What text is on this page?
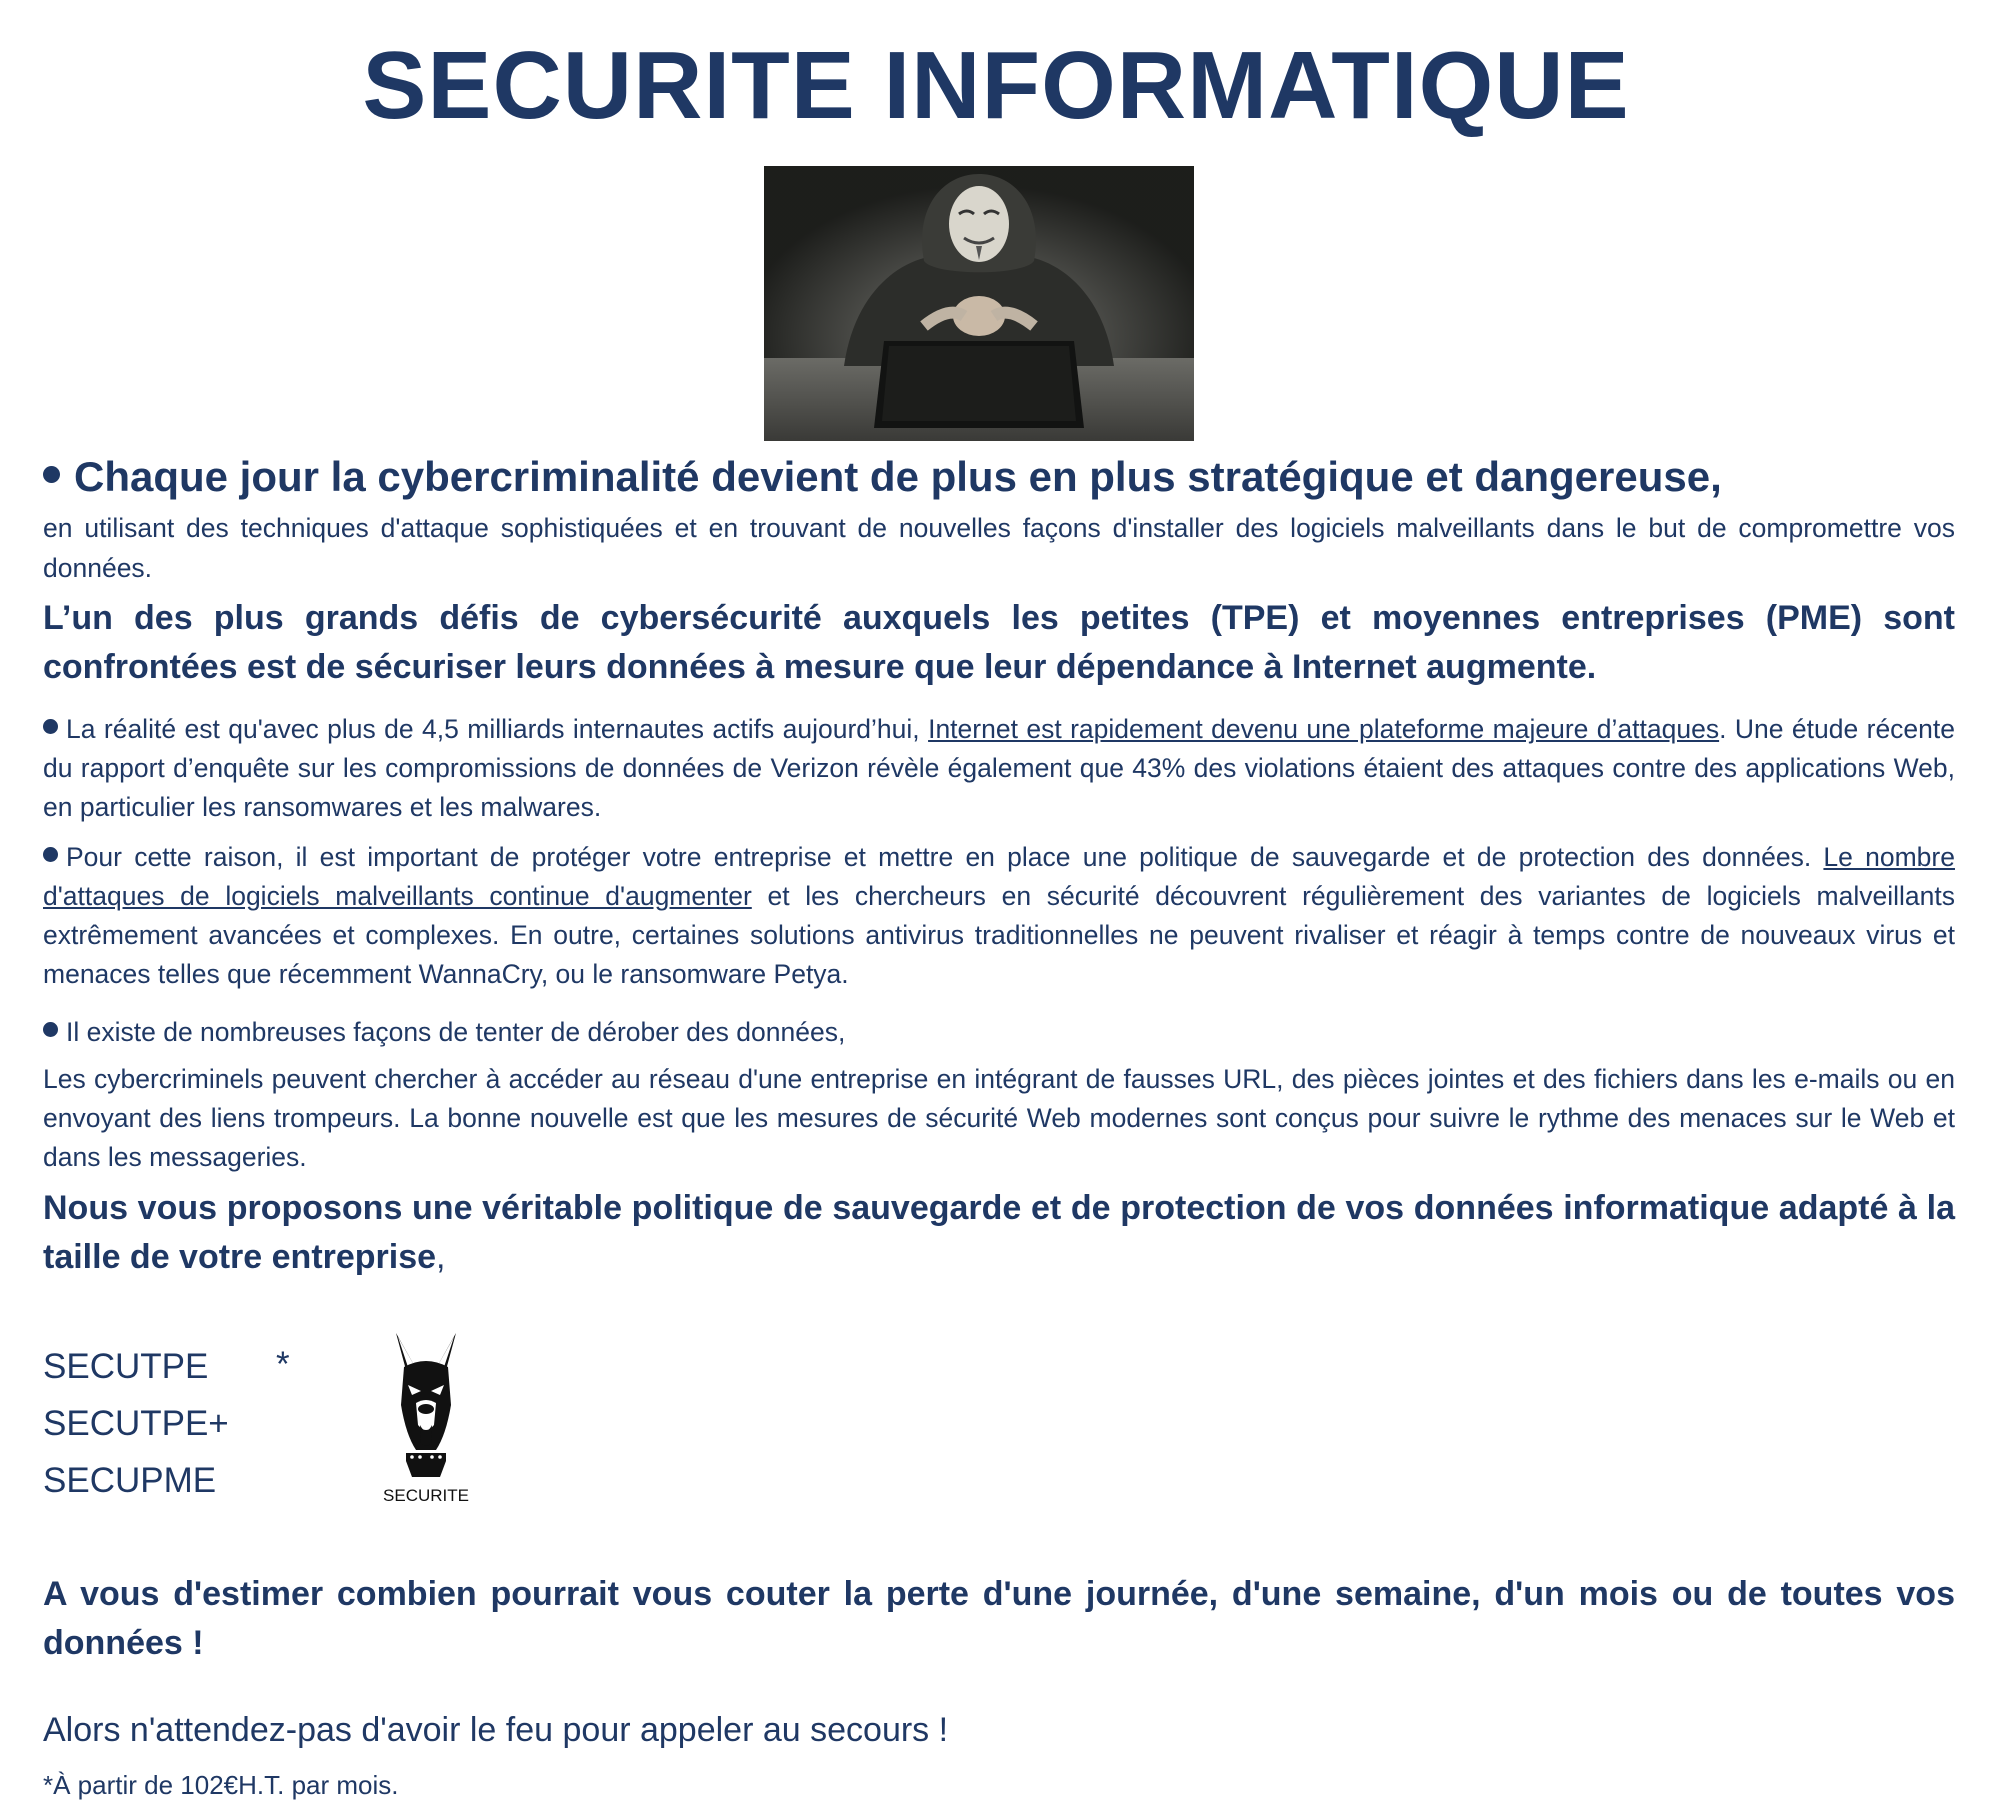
SECURITE INFORMATIQUE
Chaque jour la cybercriminalité devient de plus en plus stratégique et dangereuse,
en utilisant des techniques d'attaque sophistiquées et en trouvant de nouvelles façons d'installer des logiciels malveillants dans le but de compromettre vos données.
L’un des plus grands défis de cybersécurité auxquels les petites (TPE) et moyennes entreprises (PME) sont confrontées est de sécuriser leurs données à mesure que leur dépendance à Internet augmente.
La réalité est qu'avec plus de 4,5 milliards internautes actifs aujourd’hui, Internet est rapidement devenu une plateforme majeure d’attaques. Une étude récente du rapport d’enquête sur les compromissions de données de Verizon révèle également que 43% des violations étaient des attaques contre des applications Web, en particulier les ransomwares et les malwares.
Pour cette raison, il est important de protéger votre entreprise et mettre en place une politique de sauvegarde et de protection des données. Le nombre d'attaques de logiciels malveillants continue d'augmenter et les chercheurs en sécurité découvrent régulièrement des variantes de logiciels malveillants extrêmement avancées et complexes. En outre, certaines solutions antivirus traditionnelles ne peuvent rivaliser et réagir à temps contre de nouveaux virus et menaces telles que récemment WannaCry, ou le ransomware Petya.
Il existe de nombreuses façons de tenter de dérober des données,
Les cybercriminels peuvent chercher à accéder au réseau d'une entreprise en intégrant de fausses URL, des pièces jointes et des fichiers dans les e-mails ou en envoyant des liens trompeurs. La bonne nouvelle est que les mesures de sécurité Web modernes sont conçus pour suivre le rythme des menaces sur le Web et dans les messageries.
Nous vous proposons une véritable politique de sauvegarde et de protection de vos données informatique adapté à la taille de votre entreprise,
SECUTPE
SECUTPE+
SECUPME
*
SECURITE
A vous d'estimer combien pourrait vous couter la perte d'une journée, d'une semaine, d'un mois ou de toutes vos données !
Alors n'attendez-pas d'avoir le feu pour appeler au secours !
*À partir de 102€H.T. par mois.
